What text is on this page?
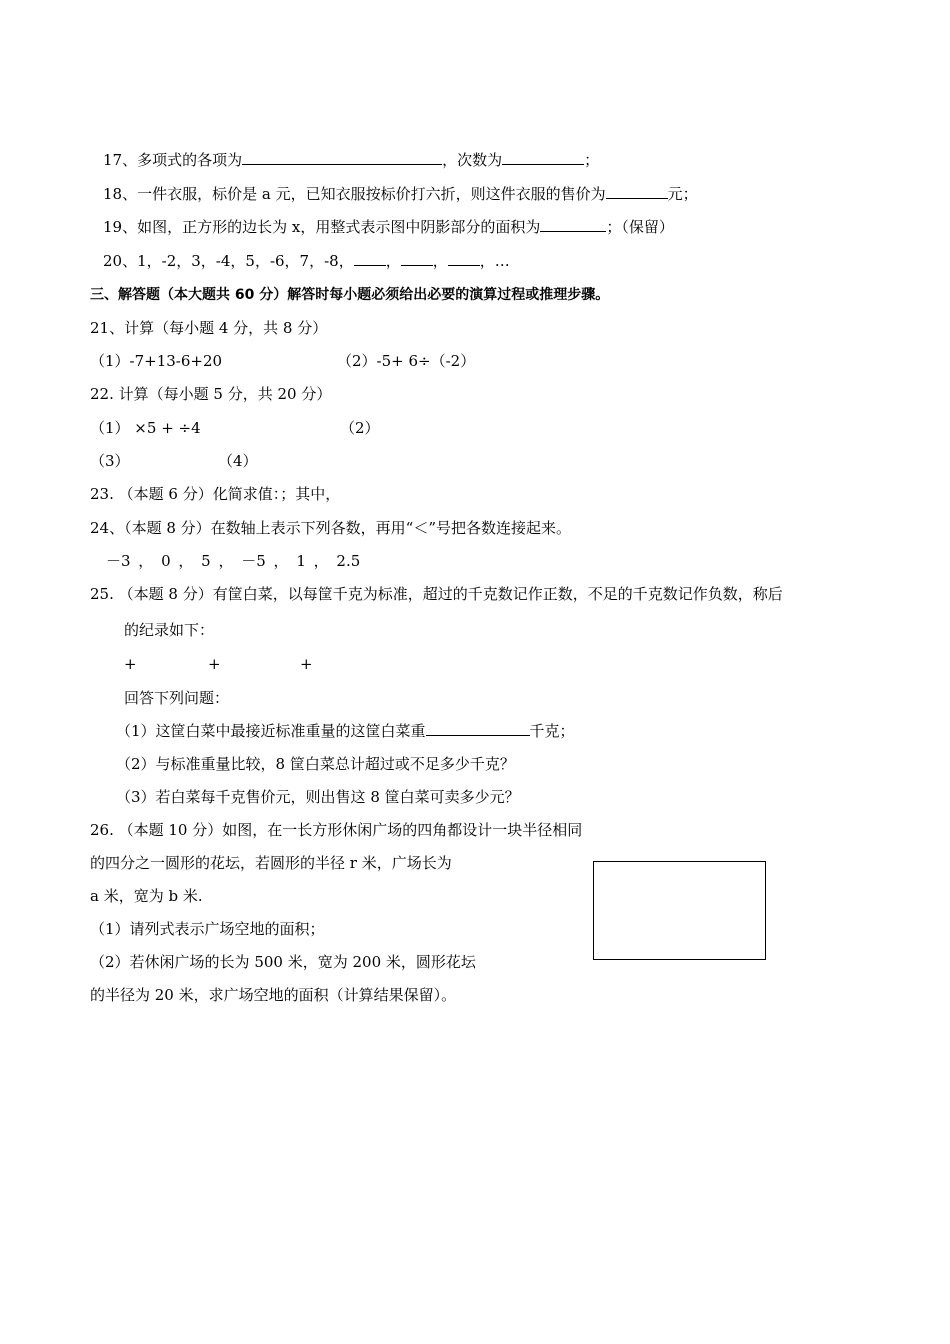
17、多项式的各项为	，次数为	；
18、一件衣服，标价是 a 元，已知衣服按标价打六折，则这件衣服的售价为	元；
19、如图，正方形的边长为 x，用整式表示图中阴影部分的面积为	；（保留）
20、1，-2，3，-4，5，-6，7，-8， ， ， ，…
三、解答题（本大题共 60 分）解答时每小题必须给出必要的演算过程或推理步骤。
21、计算（每小题 4 分，共 8 分）
（1）-7+13-6+20	（2）-5+ 6÷（-2）
22. 计算（每小题 5 分，共 20 分）
（1） ×5 + ÷4	（2）
（3）	（4）
23. （本题 6 分）化简求值：；其中，
24、（本题 8 分）在数轴上表示下列各数，再用“＜”号把各数连接起来。
－3 ， 0 ， 5 ， －5 ， 1 ， 2.5
25. （本题 8 分）有筐白菜，以每筐千克为标准，超过的千克数记作正数，不足的千克数记作负数，称后
的纪录如下：
+	+	+
回答下列问题：
（1）这筐白菜中最接近标准重量的这筐白菜重	千克；
（2）与标准重量比较，8 筐白菜总计超过或不足多少千克？
（3）若白菜每千克售价元，则出售这 8 筐白菜可卖多少元？
26. （本题 10 分）如图，在一长方形休闲广场的四角都设计一块半径相同
的四分之一圆形的花坛，若圆形的半径 r 米，广场长为
a 米，宽为 b 米.
（1）请列式表示广场空地的面积；
（2）若休闲广场的长为 500 米，宽为 200 米，圆形花坛
的半径为 20 米，求广场空地的面积（计算结果保留）。
